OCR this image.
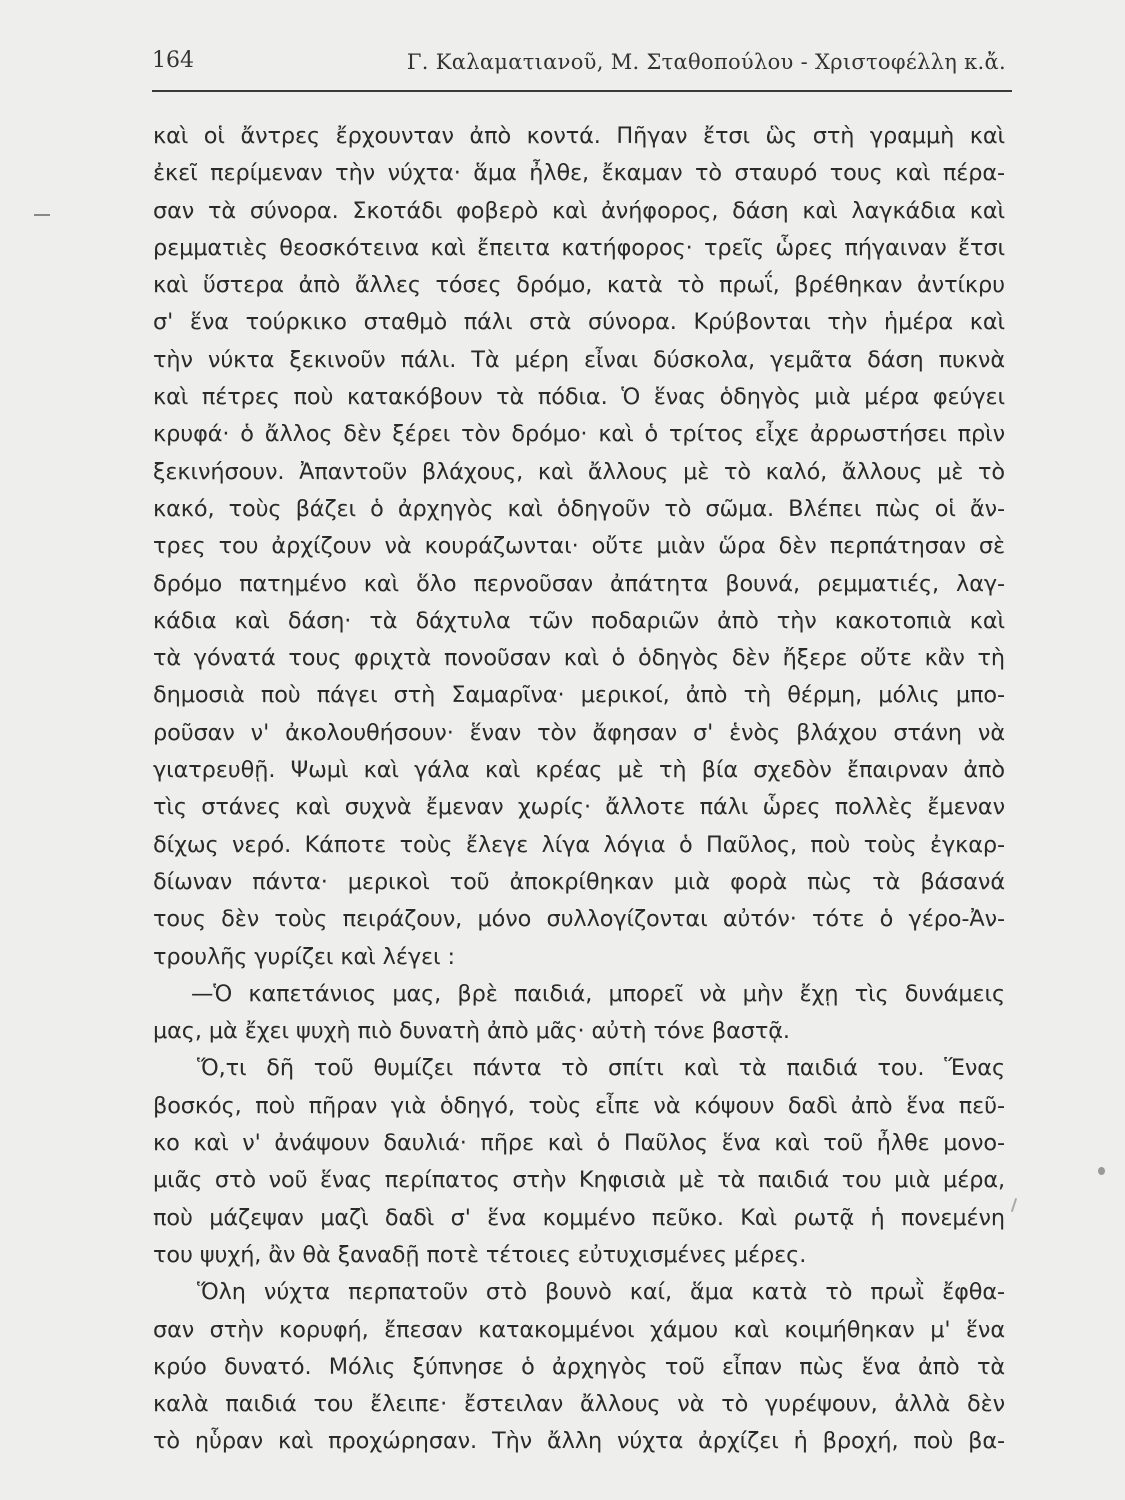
164	Γ. Καλαματιανοῦ, Μ. Σταθοπούλου - Χριστοφέλλη κ.ἄ.
καὶ οἱ ἄντρες ἔρχουνταν ἀπὸ κοντά. Πῆγαν ἔτσι ὣς στὴ γραμμὴ καὶ
ἐκεῖ περίμεναν τὴν νύχτα· ἅμα ἦλθε, ἔκαμαν τὸ σταυρό τους καὶ πέρα-
σαν τὰ σύνορα. Σκοτάδι φοβερὸ καὶ ἀνήφορος, δάση καὶ λαγκάδια καὶ
ρεμματιὲς θεοσκότεινα καὶ ἔπειτα κατήφορος· τρεῖς ὧρες πήγαιναν ἔτσι
καὶ ὕστερα ἀπὸ ἄλλες τόσες δρόμο, κατὰ τὸ πρωΐ, βρέθηκαν ἀντίκρυ
σ' ἕνα τούρκικο σταθμὸ πάλι στὰ σύνορα. Κρύβονται τὴν ἡμέρα καὶ
τὴν νύκτα ξεκινοῦν πάλι. Τὰ μέρη εἶναι δύσκολα, γεμᾶτα δάση πυκνὰ
καὶ πέτρες ποὺ κατακόβουν τὰ πόδια. Ὁ ἕνας ὁδηγὸς μιὰ μέρα φεύγει
κρυφά· ὁ ἄλλος δὲν ξέρει τὸν δρόμο· καὶ ὁ τρίτος εἶχε ἀρρωστήσει πρὶν
ξεκινήσουν. Ἀπαντοῦν βλάχους, καὶ ἄλλους μὲ τὸ καλό, ἄλλους μὲ τὸ
κακό, τοὺς βάζει ὁ ἀρχηγὸς καὶ ὁδηγοῦν τὸ σῶμα. Βλέπει πὼς οἱ ἄν-
τρες του ἀρχίζουν νὰ κουράζωνται· οὔτε μιὰν ὥρα δὲν περπάτησαν σὲ
δρόμο πατημένο καὶ ὅλο περνοῦσαν ἀπάτητα βουνά, ρεμματιές, λαγ-
κάδια καὶ δάση· τὰ δάχτυλα τῶν ποδαριῶν ἀπὸ τὴν κακοτοπιὰ καὶ
τὰ γόνατά τους φριχτὰ πονοῦσαν καὶ ὁ ὁδηγὸς δὲν ἤξερε οὔτε κἂν τὴ
δημοσιὰ ποὺ πάγει στὴ Σαμαρῖνα· μερικοί, ἀπὸ τὴ θέρμη, μόλις μπο-
ροῦσαν ν' ἀκολουθήσουν· ἕναν τὸν ἄφησαν σ' ἑνὸς βλάχου στάνη νὰ
γιατρευθῇ. Ψωμὶ καὶ γάλα καὶ κρέας μὲ τὴ βία σχεδὸν ἔπαιρναν ἀπὸ
τὶς στάνες καὶ συχνὰ ἔμεναν χωρίς· ἄλλοτε πάλι ὧρες πολλὲς ἔμεναν
δίχως νερό. Κάποτε τοὺς ἔλεγε λίγα λόγια ὁ Παῦλος, ποὺ τοὺς ἐγκαρ-
δίωναν πάντα· μερικοὶ τοῦ ἀποκρίθηκαν μιὰ φορὰ πὼς τὰ βάσανά
τους δὲν τοὺς πειράζουν, μόνο συλλογίζονται αὐτόν· τότε ὁ γέρο-Ἀν-
τρουλῆς γυρίζει καὶ λέγει :
—Ὁ καπετάνιος μας, βρὲ παιδιά, μπορεῖ νὰ μὴν ἔχῃ τὶς δυνάμεις
μας, μὰ ἔχει ψυχὴ πιὸ δυνατὴ ἀπὸ μᾶς· αὐτὴ τόνε βαστᾷ.
Ὅ,τι δῆ τοῦ θυμίζει πάντα τὸ σπίτι καὶ τὰ παιδιά του. Ἕνας
βοσκός, ποὺ πῆραν γιὰ ὁδηγό, τοὺς εἶπε νὰ κόψουν δαδὶ ἀπὸ ἕνα πεῦ-
κο καὶ ν' ἀνάψουν δαυλιά· πῆρε καὶ ὁ Παῦλος ἕνα καὶ τοῦ ἦλθε μονο-
μιᾶς στὸ νοῦ ἕνας περίπατος στὴν Κηφισιὰ μὲ τὰ παιδιά του μιὰ μέρα,
ποὺ μάζεψαν μαζὶ δαδὶ σ' ἕνα κομμένο πεῦκο. Καὶ ρωτᾷ ἡ πονεμένη
του ψυχή, ἂν θὰ ξαναδῇ ποτὲ τέτοιες εὐτυχισμένες μέρες.
Ὅλη νύχτα περπατοῦν στὸ βουνὸ καί, ἅμα κατὰ τὸ πρωῒ ἔφθα-
σαν στὴν κορυφή, ἔπεσαν κατακομμένοι χάμου καὶ κοιμήθηκαν μ' ἕνα
κρύο δυνατό. Μόλις ξύπνησε ὁ ἀρχηγὸς τοῦ εἶπαν πὼς ἕνα ἀπὸ τὰ
καλὰ παιδιά του ἔλειπε· ἔστειλαν ἄλλους νὰ τὸ γυρέψουν, ἀλλὰ δὲν
τὸ ηὗραν καὶ προχώρησαν. Τὴν ἄλλη νύχτα ἀρχίζει ἡ βροχή, ποὺ βα-
